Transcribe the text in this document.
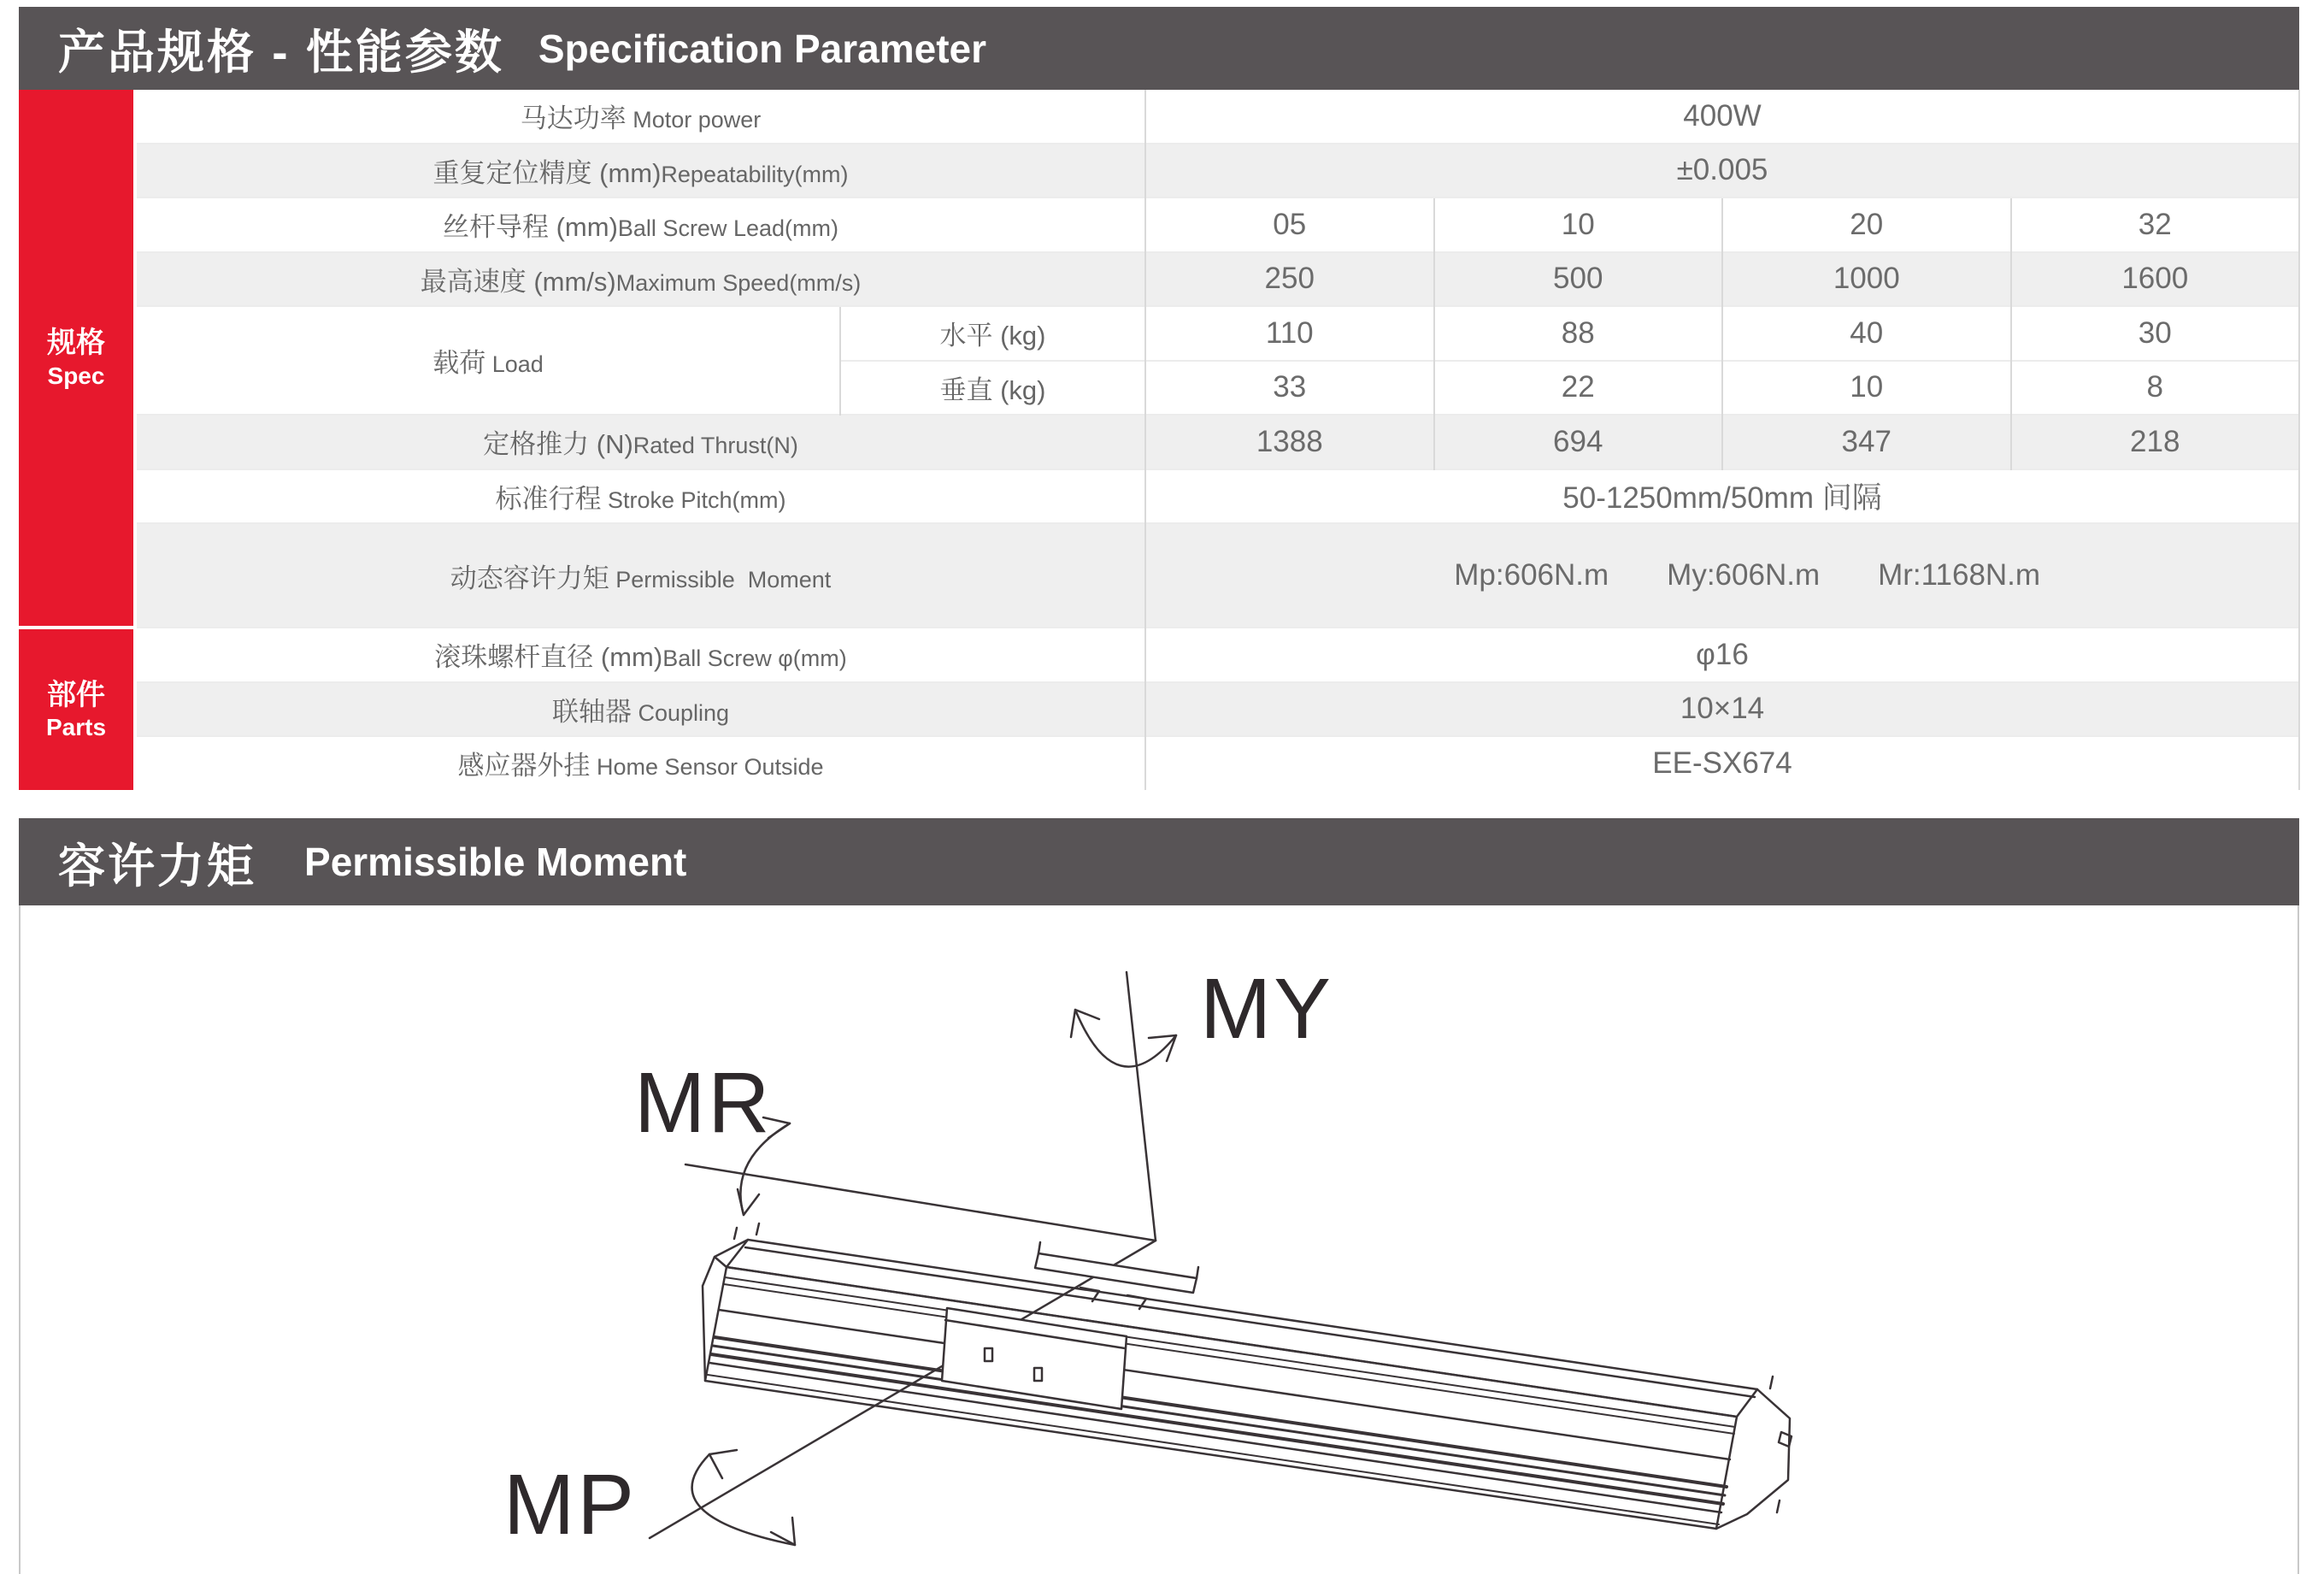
产品规格 - 性能参数 Specification Parameter
规格
Spec	马达功率 Motor power		400W			
	重复定位精度 (mm)Repeatability(mm)		±0.005			
	丝杆导程 (mm)Ball Screw Lead(mm)		05	10	20	32
	最高速度 (mm/s)Maximum Speed(mm/s)		250	500	1000	1600
	载荷 Load	水平 (kg)	110	88	40	30
		垂直 (kg)	33	22	10	8
	定格推力 (N)Rated Thrust(N)		1388	694	347	218
	标准行程 Stroke Pitch(mm)		50-1250mm/50mm 间隔			
	动态容许力矩 Permissible  Moment		Mp:606N.m My:606N.m Mr:1168N.m			

部件
Parts	滚珠螺杆直径 (mm)Ball Screw φ(mm)		φ16			
	联轴器 Coupling		10×14			
	感应器外挂 Home Sensor Outside		EE-SX674			
容许力矩 Permissible Moment
MY
MR
MP
